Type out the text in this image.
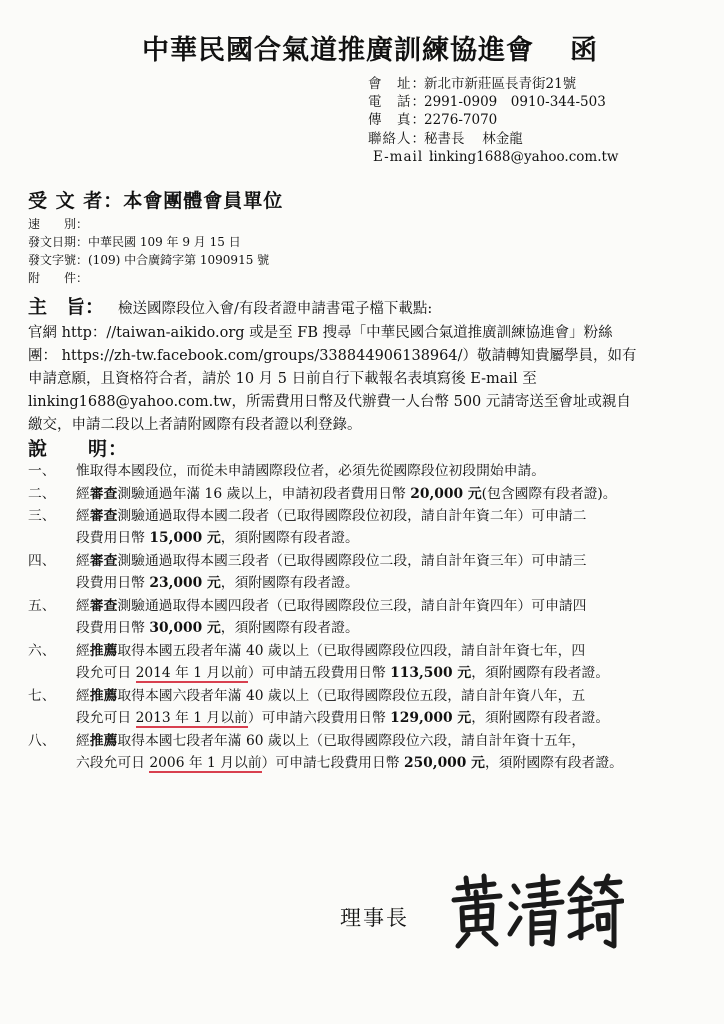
中華民國合氣道推廣訓練協進會 函
會　址：新北市新莊區長青街21號
電　話：2991-0909　0910-344-503
傳　真：2276-7070
聯絡人：秘書長　 林金龍
E-mail ：linking1688@yahoo.com.tw
受 文 者：本會團體會員單位
速　　別：
發文日期：中華民國 109 年 9 月 15 日
發文字號：(109) 中合廣錡字第 1090915 號
附　　件：
主　旨： 檢送國際段位入會/有段者證申請書電子檔下載點:
官網 http：//taiwan-aikido.org 或是至 FB 搜尋「中華民國合氣道推廣訓練協進會」粉絲
團： https://zh-tw.facebook.com/groups/338844906138964/）敬請轉知貴屬學員，如有
申請意願，且資格符合者，請於 10 月 5 日前自行下載報名表填寫後 E-mail 至
linking1688@yahoo.com.tw，所需費用日幣及代辦費一人台幣 500 元請寄送至會址或親自
繳交，申請二段以上者請附國際有段者證以利登錄。
說　　明：
一、 惟取得本國段位，而從未申請國際段位者，必須先從國際段位初段開始申請。
二、 經審查測驗通過年滿 16 歲以上，申請初段者費用日幣 20,000 元(包含國際有段者證)。
三、 經審查測驗通過取得本國二段者（已取得國際段位初段，請自計年資二年）可申請二
段費用日幣 15,000 元，須附國際有段者證。
四、 經審查測驗通過取得本國三段者（已取得國際段位二段，請自計年資三年）可申請三
段費用日幣 23,000 元，須附國際有段者證。
五、 經審查測驗通過取得本國四段者（已取得國際段位三段，請自計年資四年）可申請四
段費用日幣 30,000 元，須附國際有段者證。
六、 經推薦取得本國五段者年滿 40 歲以上（已取得國際段位四段，請自計年資七年，四
段允可日 2014 年 1 月以前）可申請五段費用日幣 113,500 元，須附國際有段者證。
七、 經推薦取得本國六段者年滿 40 歲以上（已取得國際段位五段，請自計年資八年，五
段允可日 2013 年 1 月以前）可申請六段費用日幣 129,000 元，須附國際有段者證。
八、 經推薦取得本國七段者年滿 60 歲以上（已取得國際段位六段，請自計年資十五年，
六段允可日 2006 年 1 月以前）可申請七段費用日幣 250,000 元，須附國際有段者證。
理事長
